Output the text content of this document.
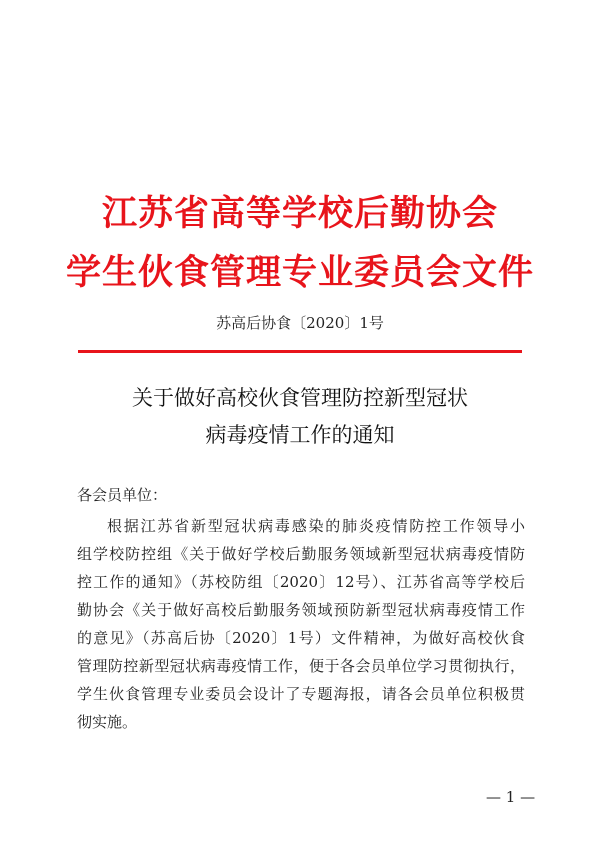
江苏省高等学校后勤协会
学生伙食管理专业委员会文件
苏高后协食〔2020〕1号
关于做好高校伙食管理防控新型冠状
病毒疫情工作的通知
各会员单位：
根据江苏省新型冠状病毒感染的肺炎疫情防控工作领导小
组学校防控组《关于做好学校后勤服务领域新型冠状病毒疫情防
控工作的通知》（苏校防组〔2020〕12号）、江苏省高等学校后
勤协会《关于做好高校后勤服务领域预防新型冠状病毒疫情工作
的意见》（苏高后协〔2020〕1号）文件精神，为做好高校伙食
管理防控新型冠状病毒疫情工作，便于各会员单位学习贯彻执行，
学生伙食管理专业委员会设计了专题海报，请各会员单位积极贯
彻实施。
— 1 —
